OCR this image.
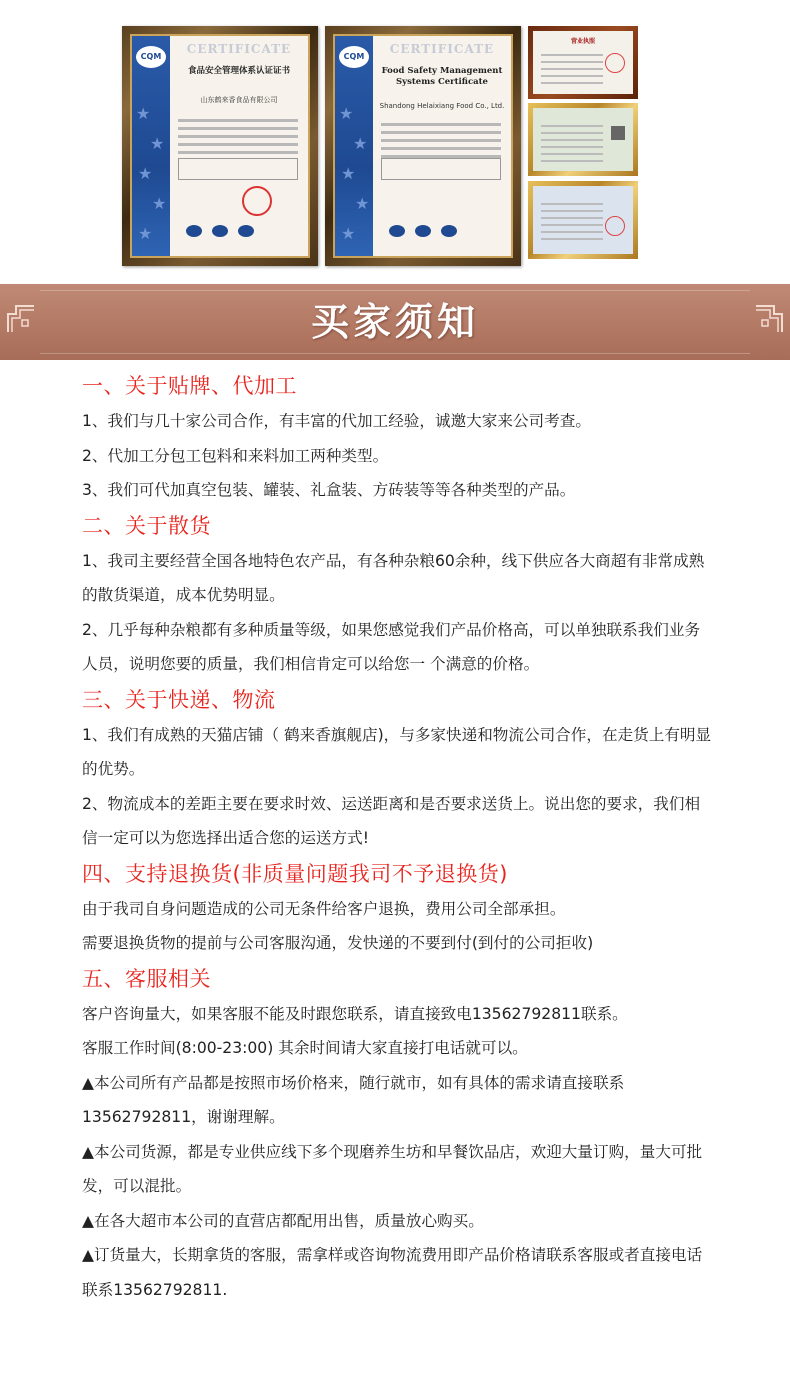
★
★
★
★
★
CQM
CERTIFICATE
食品安全管理体系认证证书
山东鹤来香食品有限公司
★
★
★
★
★
CQM
CERTIFICATE
Food Safety Management Systems Certificate
Shandong Helaixiang Food Co., Ltd.
营业执照
买家须知
一、关于贴牌、代加工

1、我们与几十家公司合作，有丰富的代加工经验，诚邀大家来公司考查。

2、代加工分包工包料和来料加工两种类型。

3、我们可代加真空包装、罐装、礼盒装、方砖装等等各种类型的产品。

二、关于散货

1、我司主要经营全国各地特色农产品，有各种杂粮60余种，线下供应各大商超有非常成熟的散货渠道，成本优势明显。

2、几乎每种杂粮都有多种质量等级，如果您感觉我们产品价格高，可以单独联系我们业务人员，说明您要的质量，我们相信肯定可以给您一 个满意的价格。

三、关于快递、物流

1、我们有成熟的天猫店铺（ 鹤来香旗舰店)，与多家快递和物流公司合作，在走货上有明显的优势。

2、物流成本的差距主要在要求时效、运送距离和是否要求送货上。说出您的要求，我们相信一定可以为您选择出适合您的运送方式!

四、支持退换货(非质量问题我司不予退换货)

由于我司自身问题造成的公司无条件给客户退换，费用公司全部承担。

需要退换货物的提前与公司客服沟通，发快递的不要到付(到付的公司拒收)

五、客服相关

客户咨询量大，如果客服不能及时跟您联系，请直接致电13562792811联系。

客服工作时间(8:00-23:00) 其余时间请大家直接打电话就可以。

▲本公司所有产品都是按照市场价格来，随行就市，如有具体的需求请直接联系13562792811，谢谢理解。

▲本公司货源，都是专业供应线下多个现磨养生坊和早餐饮品店，欢迎大量订购，量大可批发，可以混批。

▲在各大超市本公司的直营店都配用出售，质量放心购买。

▲订货量大，长期拿货的客服，需拿样或咨询物流费用即产品价格请联系客服或者直接电话联系13562792811.
